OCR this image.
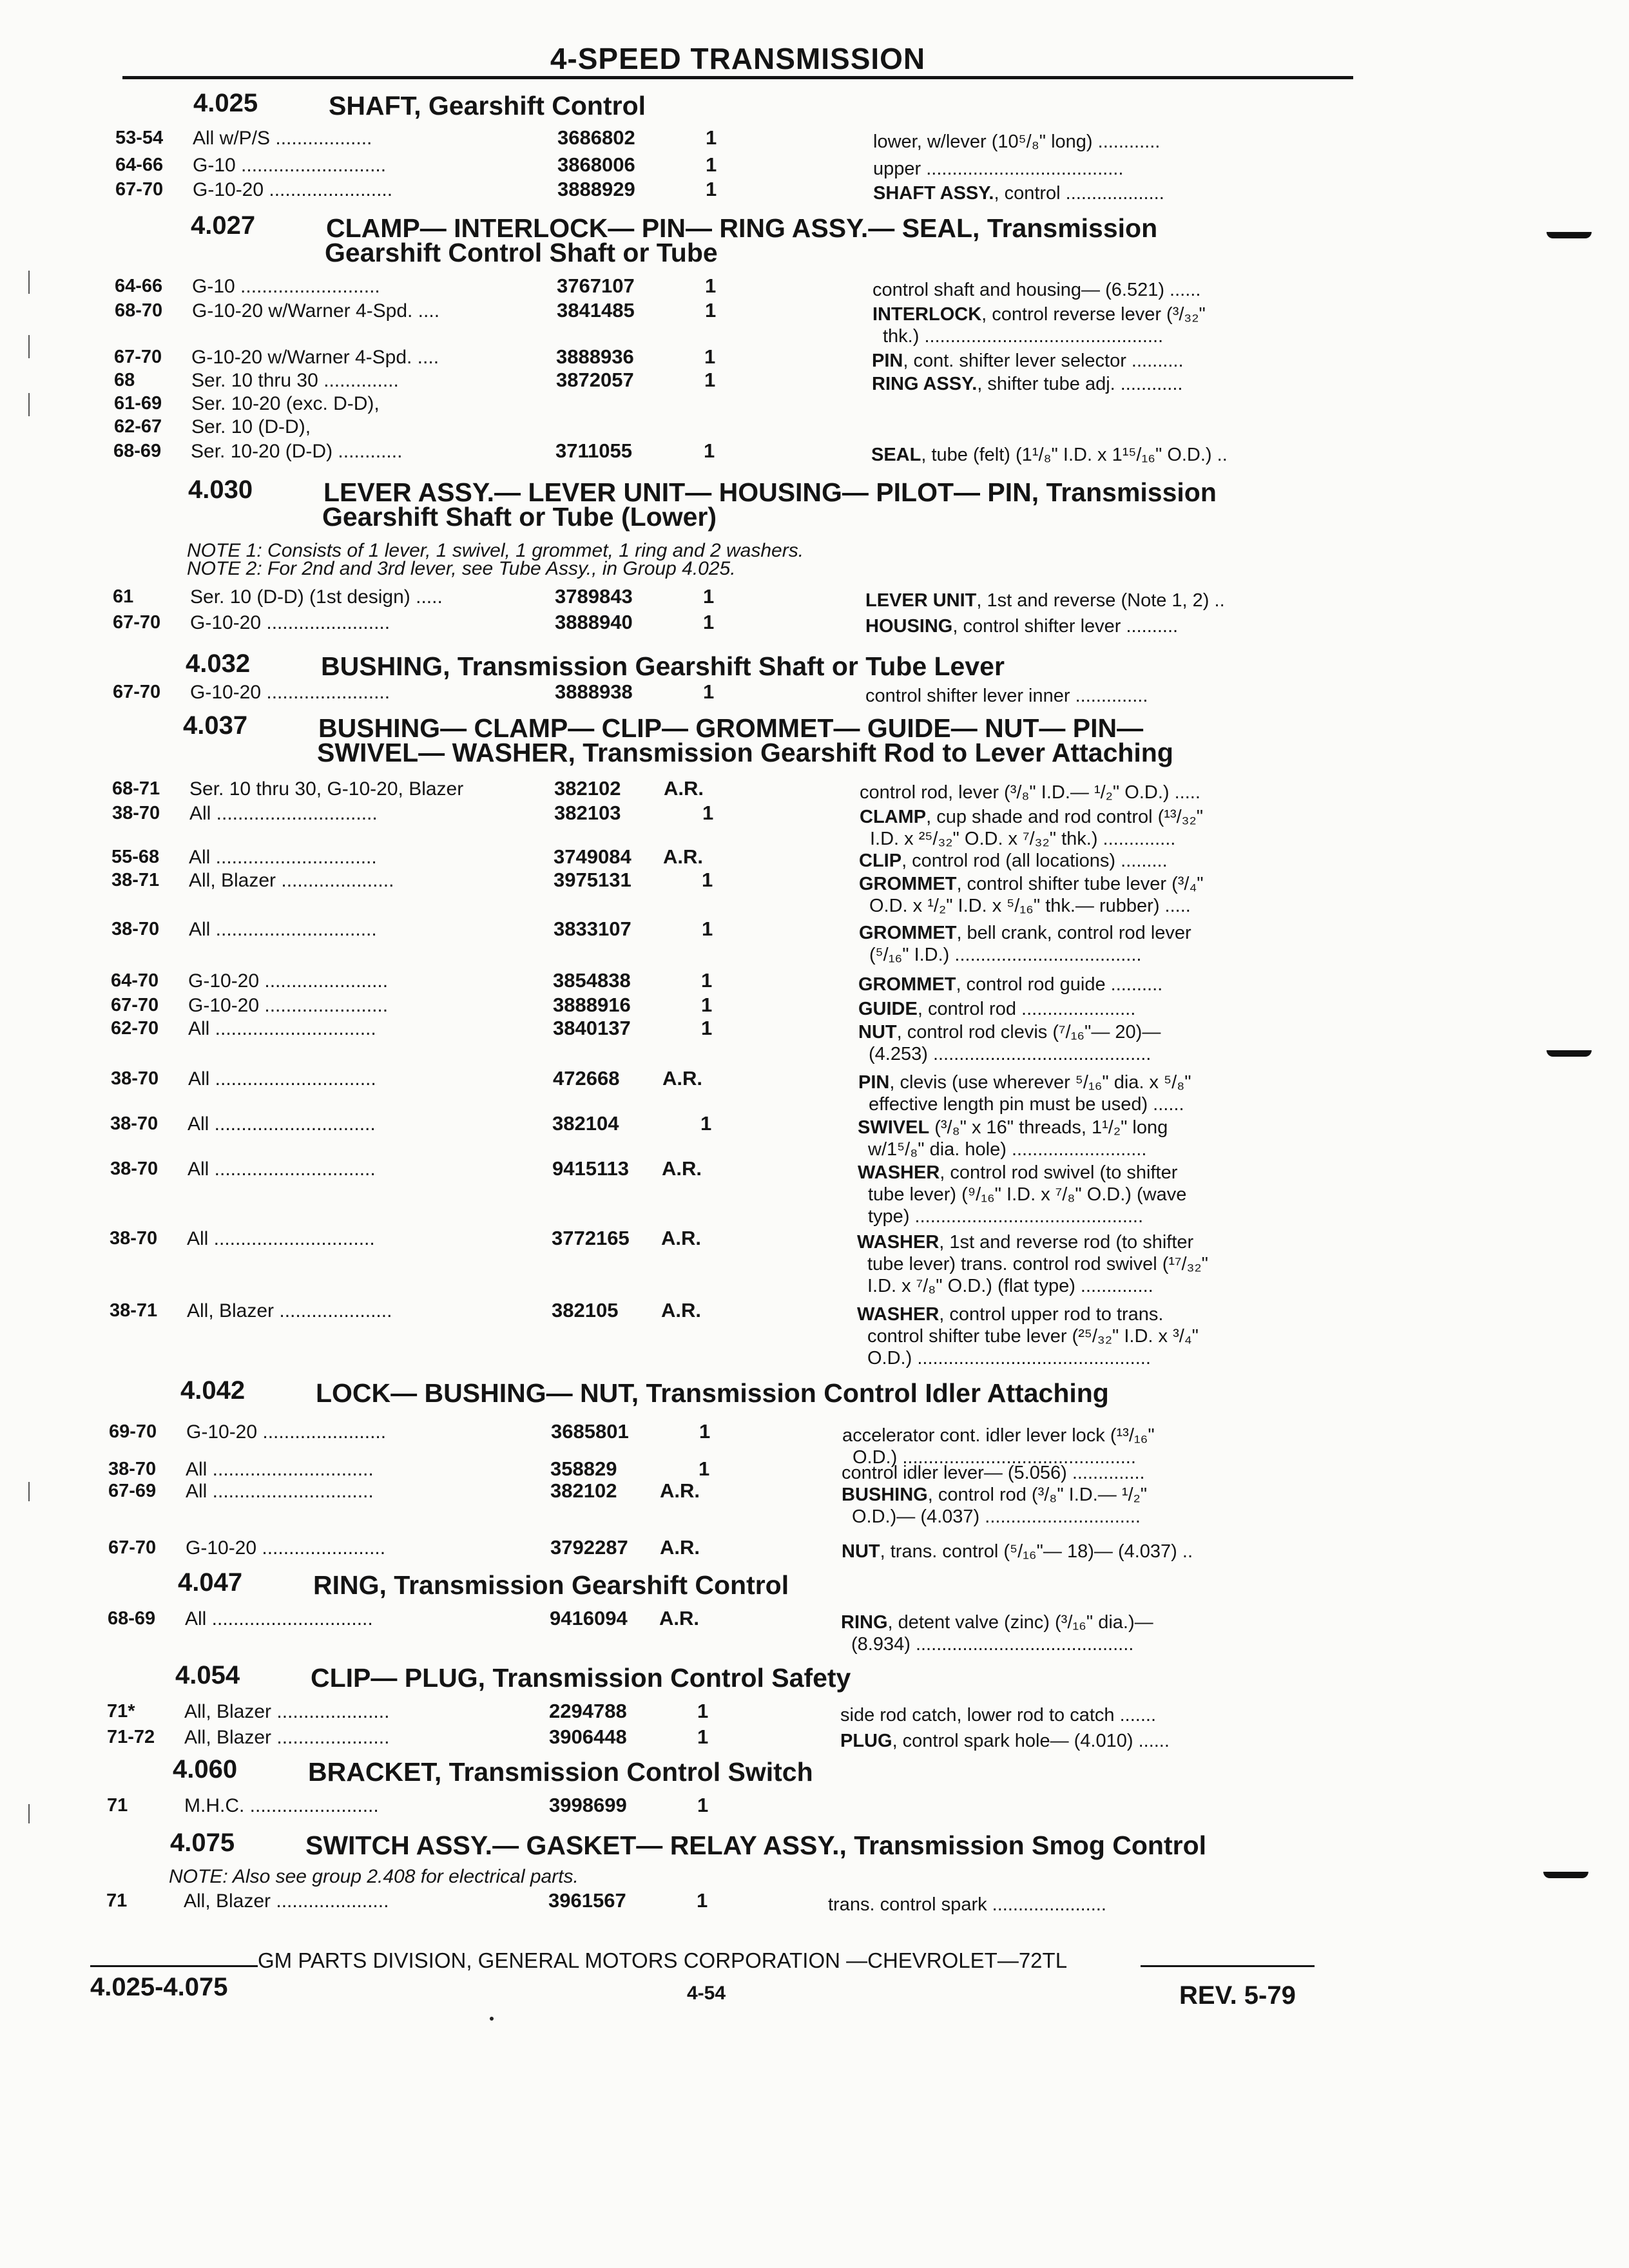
4-SPEED TRANSMISSION
4.025	SHAFT, Gearshift Control
53-54 All w/P/S ..................	3686802	1	lower, w/lever (10⁵/₈" long) ............
64-66 G-10 ...........................	3868006	1	upper ......................................
67-70 G-10-20 .......................	3888929	1	SHAFT ASSY., control ...................
4.027	CLAMP— INTERLOCK— PIN— RING ASSY.— SEAL, Transmission
Gearshift Control Shaft or Tube
64-66 G-10 ..........................	3767107	1	control shaft and housing— (6.521) ......
68-70 G-10-20 w/Warner 4-Spd. ....	3841485	1	INTERLOCK, control reverse lever (³/₃₂"
thk.) ..............................................
67-70 G-10-20 w/Warner 4-Spd. ....	3888936	1	PIN, cont. shifter lever selector ..........
68	Ser. 10 thru 30 ..............	3872057	1	RING ASSY., shifter tube adj. ............
61-69 Ser. 10-20 (exc. D-D),
62-67 Ser. 10 (D-D),
68-69 Ser. 10-20 (D-D) ............	3711055	1	SEAL, tube (felt) (1¹/₈" I.D. x 1¹⁵/₁₆" O.D.) ..
4.030	LEVER ASSY.— LEVER UNIT— HOUSING— PILOT— PIN, Transmission
Gearshift Shaft or Tube (Lower)
NOTE 1: Consists of 1 lever, 1 swivel, 1 grommet, 1 ring and 2 washers.
NOTE 2: For 2nd and 3rd lever, see Tube Assy., in Group 4.025.
61	Ser. 10 (D-D) (1st design) .....	3789843	1	LEVER UNIT, 1st and reverse (Note 1, 2) ..
67-70 G-10-20 .......................	3888940	1	HOUSING, control shifter lever ..........
4.032	BUSHING, Transmission Gearshift Shaft or Tube Lever
67-70 G-10-20 .......................	3888938	1	control shifter lever inner ..............
4.037	BUSHING— CLAMP— CLIP— GROMMET— GUIDE— NUT— PIN—
SWIVEL— WASHER, Transmission Gearshift Rod to Lever Attaching
68-71 Ser. 10 thru 30, G-10-20, Blazer	382102 A.R.	control rod, lever (³/₈" I.D.— ¹/₂" O.D.) .....
38-70 All ..............................	382103	1	CLAMP, cup shade and rod control (¹³/₃₂"
I.D. x ²⁵/₃₂" O.D. x ⁷/₃₂" thk.) ..............
55-68 All ..............................	3749084 A.R.	CLIP, control rod (all locations) .........
38-71 All, Blazer .....................	3975131	1	GROMMET, control shifter tube lever (³/₄"
O.D. x ¹/₂" I.D. x ⁵/₁₆" thk.— rubber) .....
38-70 All ..............................	3833107	1	GROMMET, bell crank, control rod lever
(⁵/₁₆" I.D.) ....................................
64-70 G-10-20 .......................	3854838	1	GROMMET, control rod guide ..........
67-70 G-10-20 .......................	3888916	1	GUIDE, control rod ......................
62-70 All ..............................	3840137	1	NUT, control rod clevis (⁷/₁₆"— 20)—
(4.253) ..........................................
38-70 All ..............................	472668 A.R.	PIN, clevis (use wherever ⁵/₁₆" dia. x ⁵/₈"
effective length pin must be used) ......
38-70 All ..............................	382104	1	SWIVEL (³/₈" x 16" threads, 1¹/₂" long
w/1⁵/₈" dia. hole) ..........................
38-70 All ..............................	9415113 A.R.	WASHER, control rod swivel (to shifter
tube lever) (⁹/₁₆" I.D. x ⁷/₈" O.D.) (wave
type) ............................................
38-70 All ..............................	3772165 A.R.	WASHER, 1st and reverse rod (to shifter
tube lever) trans. control rod swivel (¹⁷/₃₂"
I.D. x ⁷/₈" O.D.) (flat type) ..............
38-71 All, Blazer .....................	382105 A.R.	WASHER, control upper rod to trans.
control shifter tube lever (²⁵/₃₂" I.D. x ³/₄"
O.D.) .............................................
4.042	LOCK— BUSHING— NUT, Transmission Control Idler Attaching
69-70 G-10-20 .......................	3685801	1	accelerator cont. idler lever lock (¹³/₁₆"
O.D.) .............................................
38-70 All ..............................	358829	1	control idler lever— (5.056) ..............
67-69 All ..............................	382102 A.R.	BUSHING, control rod (³/₈" I.D.— ¹/₂"
O.D.)— (4.037) ..............................
67-70 G-10-20 .......................	3792287 A.R.	NUT, trans. control (⁵/₁₆"— 18)— (4.037) ..
4.047	RING, Transmission Gearshift Control
68-69 All ..............................	9416094 A.R.	RING, detent valve (zinc) (³/₁₆" dia.)—
(8.934) ..........................................
4.054	CLIP— PLUG, Transmission Control Safety
71*	All, Blazer .....................	2294788	1	side rod catch, lower rod to catch .......
71-72 All, Blazer .....................	3906448	1	PLUG, control spark hole— (4.010) ......
4.060	BRACKET, Transmission Control Switch
71	M.H.C. ........................	3998699	1
4.075	SWITCH ASSY.— GASKET— RELAY ASSY., Transmission Smog Control
NOTE: Also see group 2.408 for electrical parts.
71	All, Blazer .....................	3961567	1	trans. control spark ......................
GM PARTS DIVISION, GENERAL MOTORS CORPORATION —CHEVROLET—72TL
4.025-4.075	4-54	REV. 5-79
